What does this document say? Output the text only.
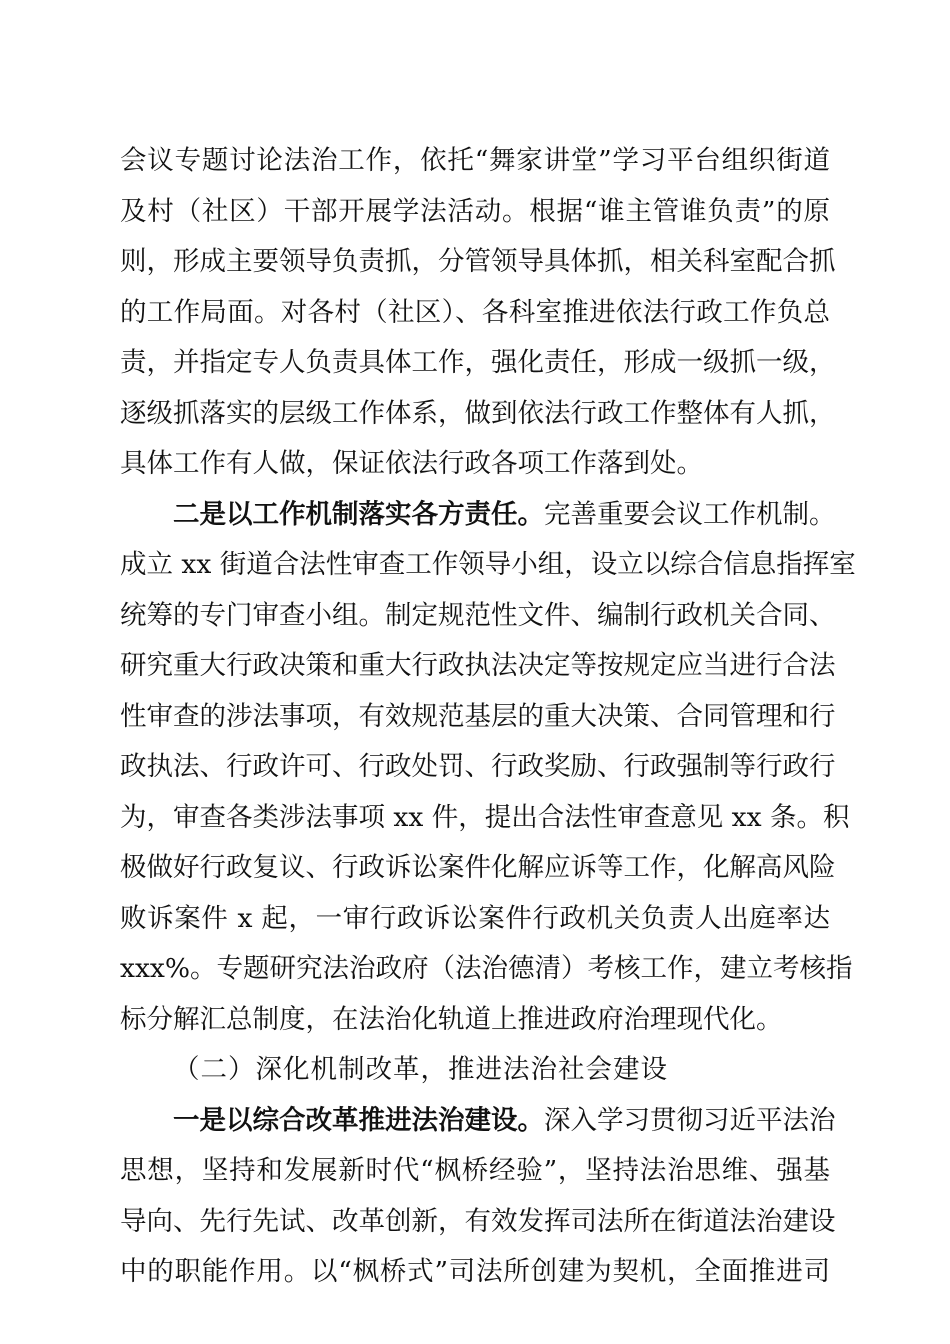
会议专题讨论法治工作，依托“舞家讲堂”学习平台组织街道
及村（社区）干部开展学法活动。根据“谁主管谁负责”的原
则，形成主要领导负责抓，分管领导具体抓，相关科室配合抓
的工作局面。对各村（社区）、各科室推进依法行政工作负总
责，并指定专人负责具体工作，强化责任，形成一级抓一级，
逐级抓落实的层级工作体系，做到依法行政工作整体有人抓，
具体工作有人做，保证依法行政各项工作落到处。
二是以工作机制落实各方责任。完善重要会议工作机制。
成立 xx 街道合法性审查工作领导小组，设立以综合信息指挥室
统筹的专门审查小组。制定规范性文件、编制行政机关合同、
研究重大行政决策和重大行政执法决定等按规定应当进行合法
性审查的涉法事项，有效规范基层的重大决策、合同管理和行
政执法、行政许可、行政处罚、行政奖励、行政强制等行政行
为，审查各类涉法事项 xx 件，提出合法性审查意见 xx 条。积
极做好行政复议、行政诉讼案件化解应诉等工作，化解高风险
败诉案件 x 起，一审行政诉讼案件行政机关负责人出庭率达
xxx%。专题研究法治政府（法治德清）考核工作，建立考核指
标分解汇总制度，在法治化轨道上推进政府治理现代化。
（二）深化机制改革，推进法治社会建设
一是以综合改革推进法治建设。深入学习贯彻习近平法治
思想，坚持和发展新时代“枫桥经验”，坚持法治思维、强基
导向、先行先试、改革创新，有效发挥司法所在街道法治建设
中的职能作用。以“枫桥式”司法所创建为契机，全面推进司
